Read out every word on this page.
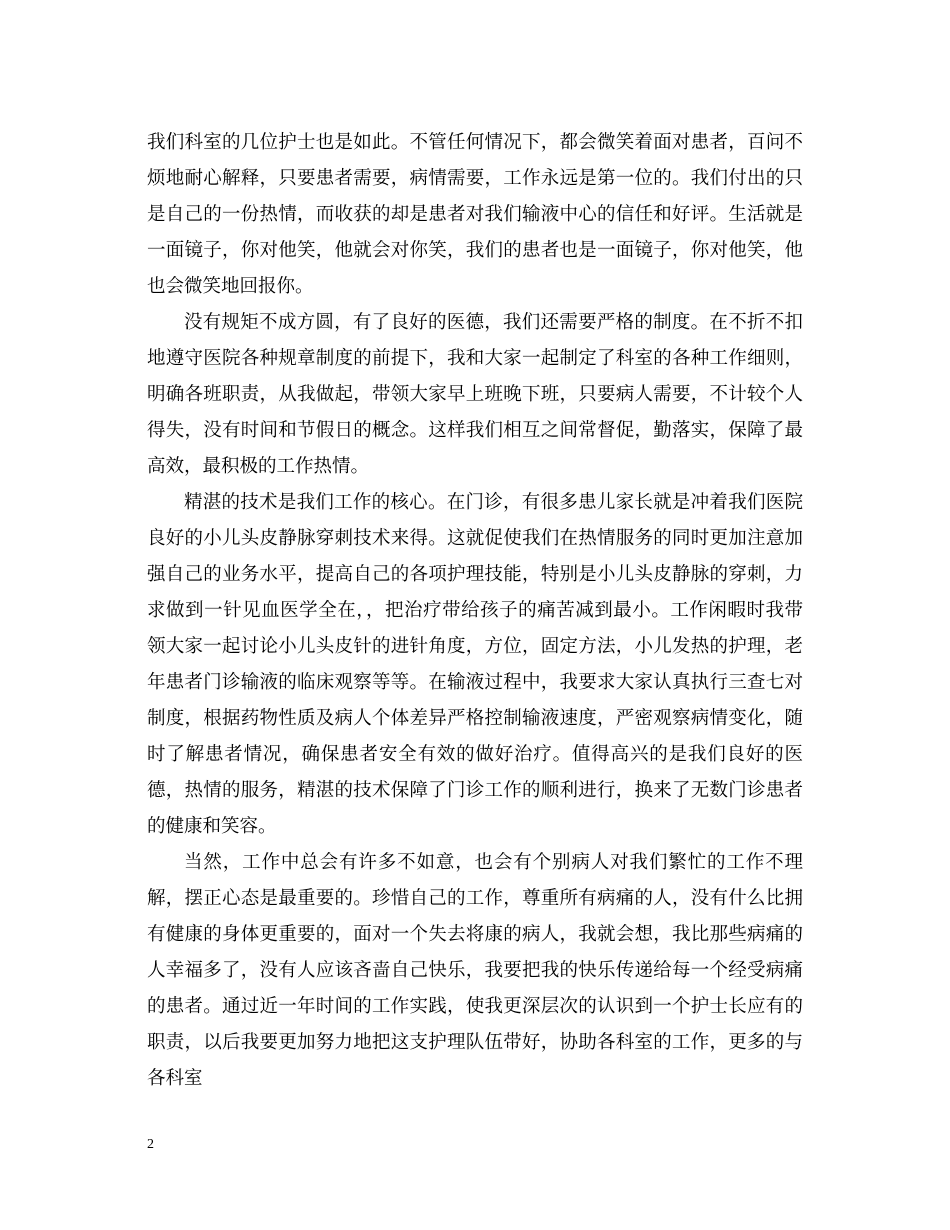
我们科室的几位护士也是如此。不管任何情况下，都会微笑着面对患者，百问不烦地耐心解释，只要患者需要，病情需要，工作永远是第一位的。我们付出的只是自己的一份热情，而收获的却是患者对我们输液中心的信任和好评。生活就是一面镜子，你对他笑，他就会对你笑，我们的患者也是一面镜子，你对他笑，他也会微笑地回报你。

没有规矩不成方圆，有了良好的医德，我们还需要严格的制度。在不折不扣地遵守医院各种规章制度的前提下，我和大家一起制定了科室的各种工作细则，明确各班职责，从我做起，带领大家早上班晚下班，只要病人需要，不计较个人得失，没有时间和节假日的概念。这样我们相互之间常督促，勤落实，保障了最高效，最积极的工作热情。

精湛的技术是我们工作的核心。在门诊，有很多患儿家长就是冲着我们医院良好的小儿头皮静脉穿刺技术来得。这就促使我们在热情服务的同时更加注意加强自己的业务水平，提高自己的各项护理技能，特别是小儿头皮静脉的穿刺，力求做到一针见血医学全在，，把治疗带给孩子的痛苦减到最小。工作闲暇时我带领大家一起讨论小儿头皮针的进针角度，方位，固定方法，小儿发热的护理，老年患者门诊输液的临床观察等等。在输液过程中，我要求大家认真执行三查七对制度，根据药物性质及病人个体差异严格控制输液速度，严密观察病情变化，随时了解患者情况，确保患者安全有效的做好治疗。值得高兴的是我们良好的医德，热情的服务，精湛的技术保障了门诊工作的顺利进行，换来了无数门诊患者的健康和笑容。

当然，工作中总会有许多不如意，也会有个别病人对我们繁忙的工作不理解，摆正心态是最重要的。珍惜自己的工作，尊重所有病痛的人，没有什么比拥有健康的身体更重要的，面对一个失去将康的病人，我就会想，我比那些病痛的人幸福多了，没有人应该吝啬自己快乐，我要把我的快乐传递给每一个经受病痛的患者。通过近一年时间的工作实践，使我更深层次的认识到一个护士长应有的职责，以后我要更加努力地把这支护理队伍带好，协助各科室的工作，更多的与各科室

2
